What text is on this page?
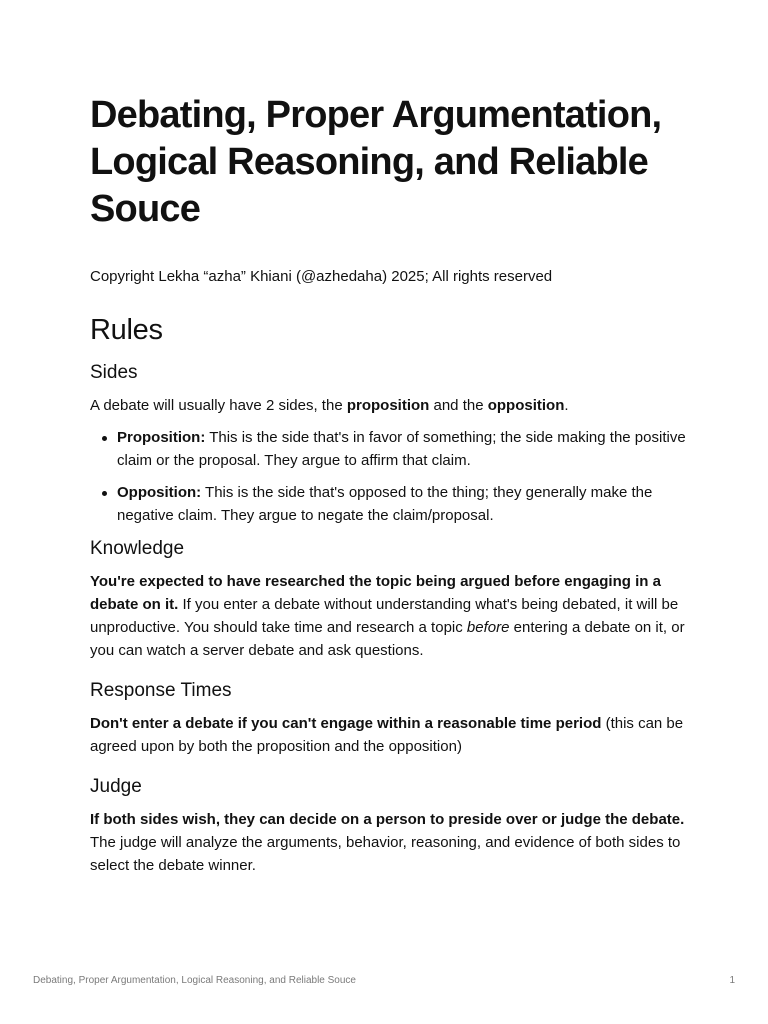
Debating, Proper Argumentation, Logical Reasoning, and Reliable Souce

Copyright Lekha “azha” Khiani (@azhedaha) 2025; All rights reserved

Rules
Sides

A debate will usually have 2 sides, the proposition and the opposition.

Proposition: This is the side that's in favor of something; the side making the positive claim or the proposal. They argue to affirm that claim.
Opposition: This is the side that's opposed to the thing; they generally make the negative claim. They argue to negate the claim/proposal.
Knowledge

You're expected to have researched the topic being argued before engaging in a debate on it. If you enter a debate without understanding what's being debated, it will be unproductive. You should take time and research a topic before entering a debate on it, or you can watch a server debate and ask questions.

Response Times

Don't enter a debate if you can't engage within a reasonable time period (this can be agreed upon by both the proposition and the opposition)

Judge

If both sides wish, they can decide on a person to preside over or judge the debate. The judge will analyze the arguments, behavior, reasoning, and evidence of both sides to select the debate winner.

Debating, Proper Argumentation, Logical Reasoning, and Reliable Souce	1
